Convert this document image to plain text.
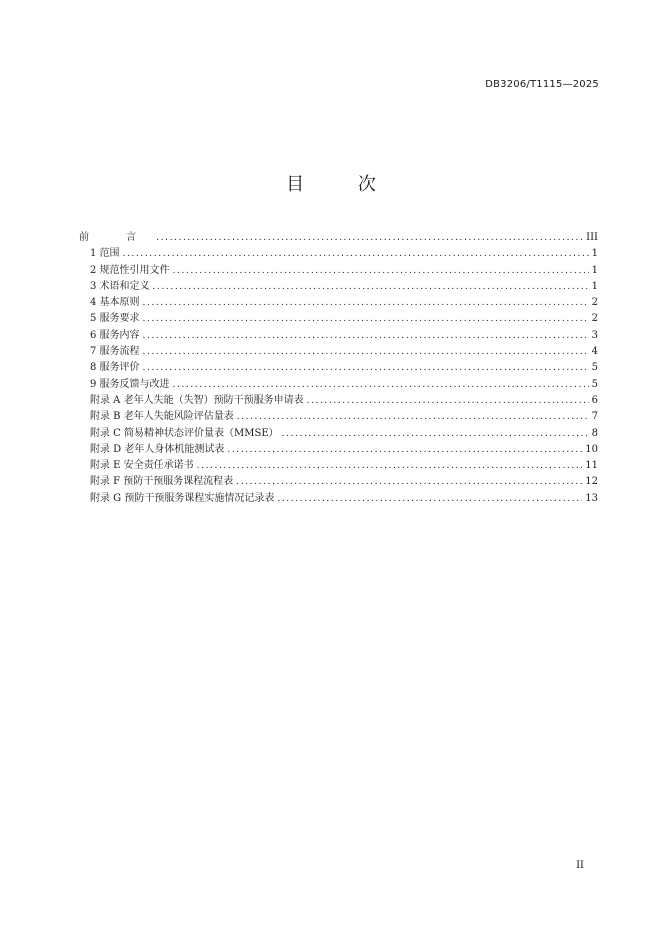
DB3206/T1115—2025
目 次
前 言 .....	III
1 范围 .....	1
2 规范性引用文件 .....	1
3 术语和定义 .....	1
4 基本原则 .....	2
5 服务要求 .....	2
6 服务内容 .....	3
7 服务流程 .....	4
8 服务评价 .....	5
9 服务反馈与改进 .....	5
附录 A 老年人失能（失智）预防干预服务申请表 .....	6
附录 B 老年人失能风险评估量表 .....	7
附录 C 简易精神状态评价量表（MMSE） .....	8
附录 D 老年人身体机能测试表 .....	10
附录 E 安全责任承诺书 .....	11
附录 F 预防干预服务课程流程表 .....	12
附录 G 预防干预服务课程实施情况记录表 .....	13
II
